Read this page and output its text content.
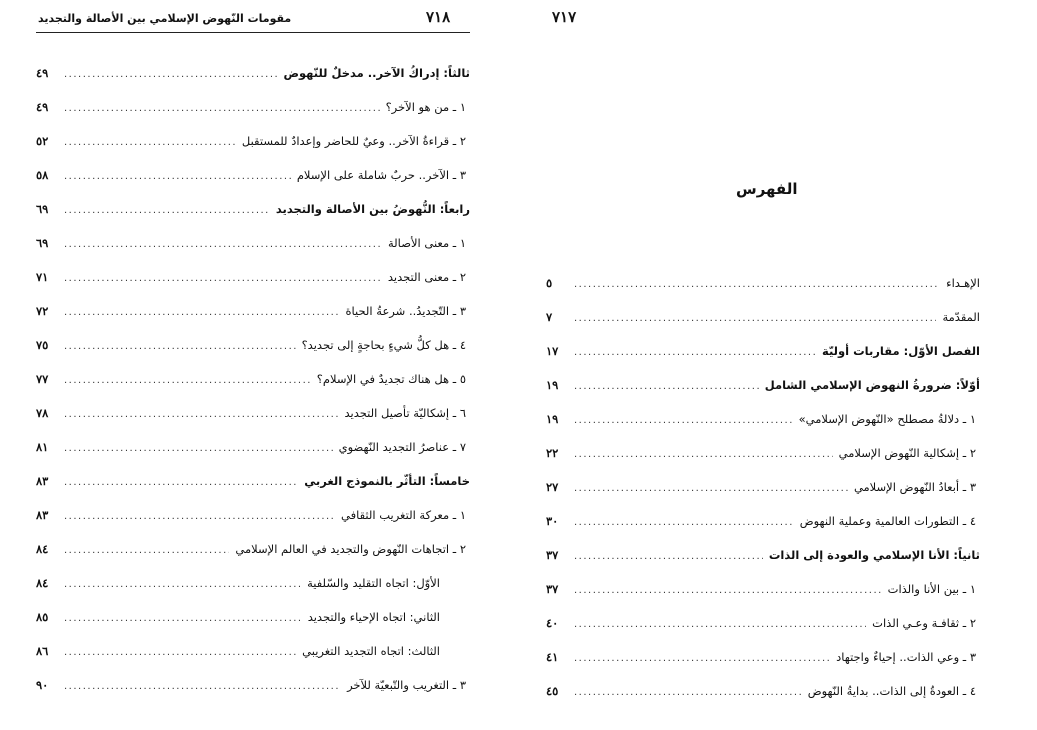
٧١٨
مقومات النّهوض الإسلامي بين الأصالة والتجديد
ثالثاً: إدراكُ الآخر.. مدخلٌ للنّهوض
.....
٤٩
١ ـ من هو الآخر؟
.....
٤٩
٢ ـ قراءةُ الآخر.. وعيٌ للحاضر وإعدادٌ للمستقبل
.....
٥٢
٣ ـ الآخر.. حربٌ شاملة على الإسلام
.....
٥٨
رابعاً: النُّهوضُ بين الأصالة والتجديد
.....
٦٩
١ ـ معنى الأصالة
.....
٦٩
٢ ـ معنى التجديد
.....
٧١
٣ ـ التّجديدُ.. شرعةُ الحياة
.....
٧٢
٤ ـ هل كلُّ شيءٍ بحاجةٍ إلى تجديد؟
.....
٧٥
٥ ـ هل هناك تجديدٌ في الإسلام؟
.....
٧٧
٦ ـ إشكاليّة تأصيل التجديد
.....
٧٨
٧ ـ عناصرُ التجديد النّهضوي
.....
٨١
خامساً: التأثّر بالنموذج الغربي
.....
٨٣
١ ـ معركة التغريب الثقافي
.....
٨٣
٢ ـ اتجاهات النّهوض والتجديد في العالم الإسلامي
.....
٨٤
الأوّل: اتجاه التقليد والسّلفية
.....
٨٤
الثاني: اتجاه الإحياء والتجديد
.....
٨٥
الثالث: اتجاه التجديد التغريبي
.....
٨٦
٣ ـ التغريب والتّبعيّة للآخر
.....
٩٠
٧١٧
الفهرس
الإهـداء
.....
٥
المقدّمة
.....
٧
الفصل الأوّل: مقاربات أوليّة
.....
١٧
أوّلاً: ضرورةُ النهوض الإسلامي الشامل
.....
١٩
١ ـ دلالةُ مصطلح «النّهوض الإسلامي»
.....
١٩
٢ ـ إشكالية النّهوض الإسلامي
.....
٢٢
٣ ـ أبعادُ النّهوض الإسلامي
.....
٢٧
٤ ـ التطورات العالمية وعملية النهوض
.....
٣٠
ثانياً: الأنا الإسلامي والعودة إلى الذات
.....
٣٧
١ ـ بين الأنا والذات
.....
٣٧
٢ ـ ثقافـة وعـي الذات
.....
٤٠
٣ ـ وعي الذات.. إحياءٌ واجتهاد
.....
٤١
٤ ـ العودةُ إلى الذات.. بدايةُ النّهوض
.....
٤٥
